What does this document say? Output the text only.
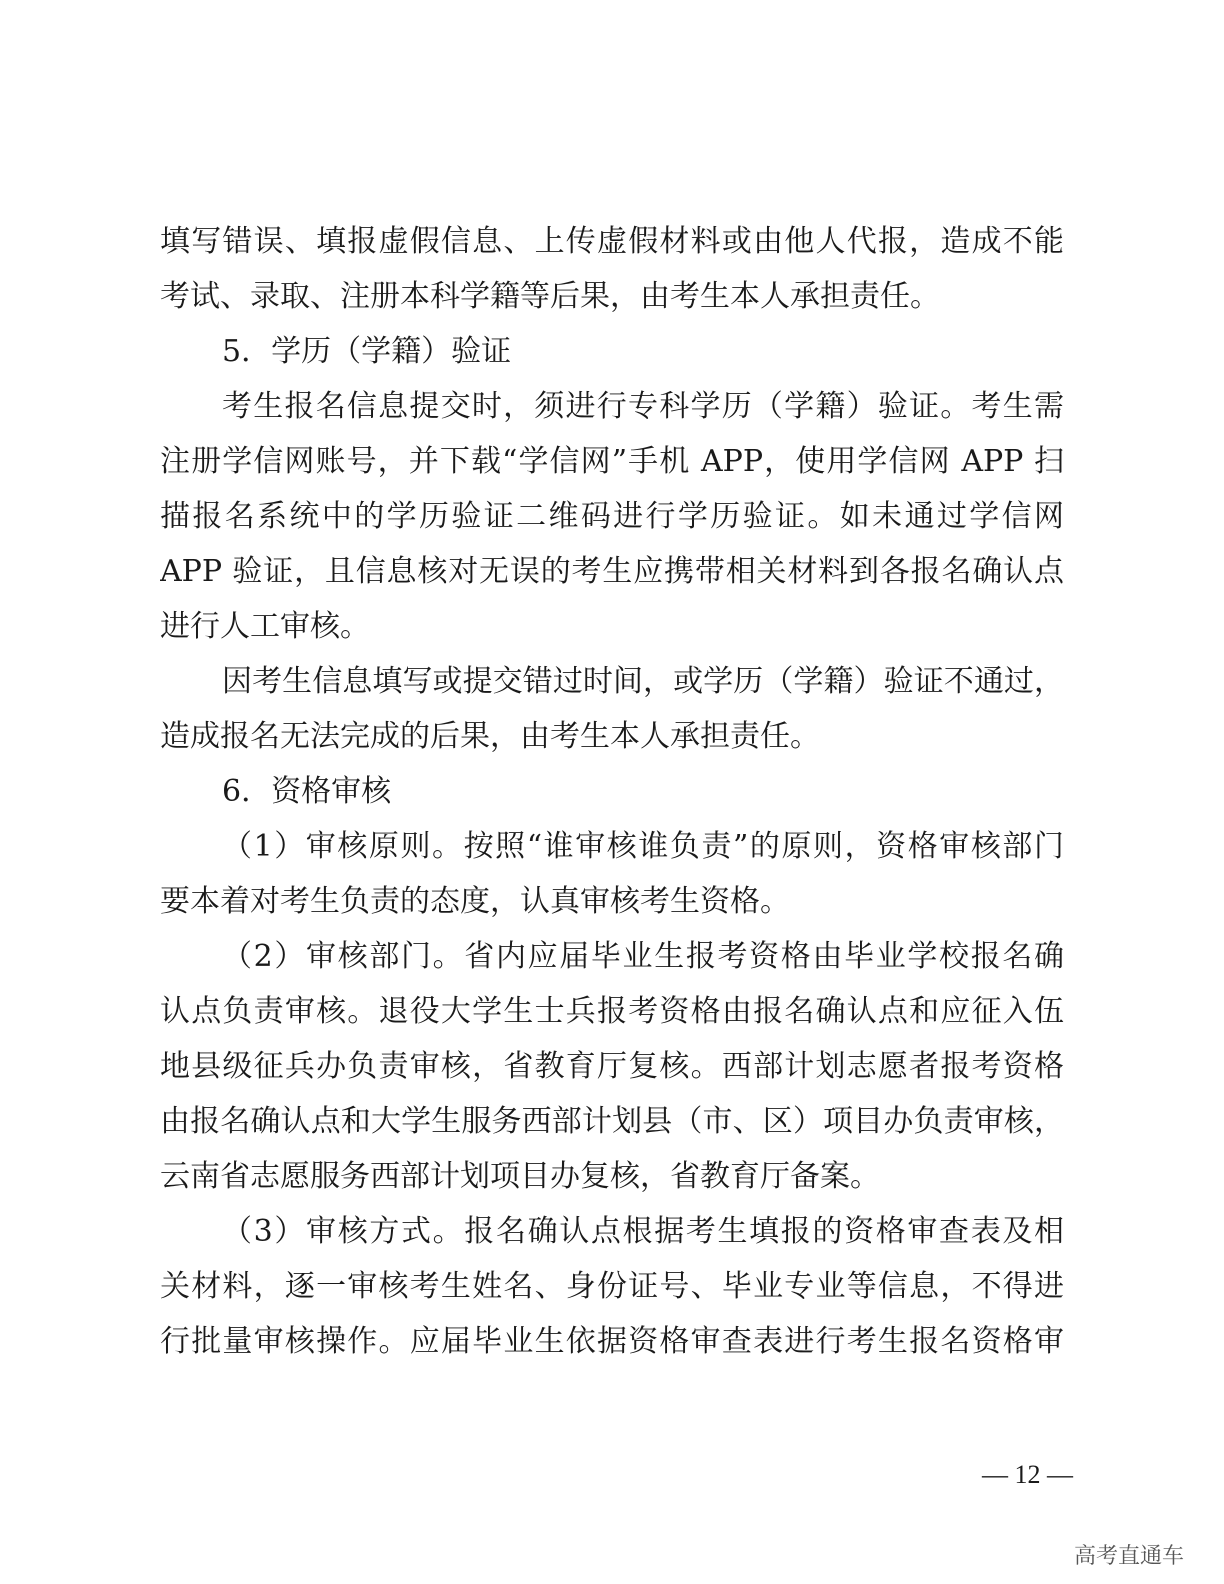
填写错误、填报虚假信息、上传虚假材料或由他人代报，造成不能
考试、录取、注册本科学籍等后果，由考生本人承担责任。
5．学历（学籍）验证
考生报名信息提交时，须进行专科学历（学籍）验证。考生需
注册学信网账号，并下载“学信网”手机 APP，使用学信网 APP 扫
描报名系统中的学历验证二维码进行学历验证。如未通过学信网
APP 验证，且信息核对无误的考生应携带相关材料到各报名确认点
进行人工审核。
因考生信息填写或提交错过时间，或学历（学籍）验证不通过，
造成报名无法完成的后果，由考生本人承担责任。
6．资格审核
（1）审核原则。按照“谁审核谁负责”的原则，资格审核部门
要本着对考生负责的态度，认真审核考生资格。
（2）审核部门。省内应届毕业生报考资格由毕业学校报名确
认点负责审核。退役大学生士兵报考资格由报名确认点和应征入伍
地县级征兵办负责审核，省教育厅复核。西部计划志愿者报考资格
由报名确认点和大学生服务西部计划县（市、区）项目办负责审核，
云南省志愿服务西部计划项目办复核，省教育厅备案。
（3）审核方式。报名确认点根据考生填报的资格审查表及相
关材料，逐一审核考生姓名、身份证号、毕业专业等信息，不得进
行批量审核操作。应届毕业生依据资格审查表进行考生报名资格审
— 12 —
高考直通车
